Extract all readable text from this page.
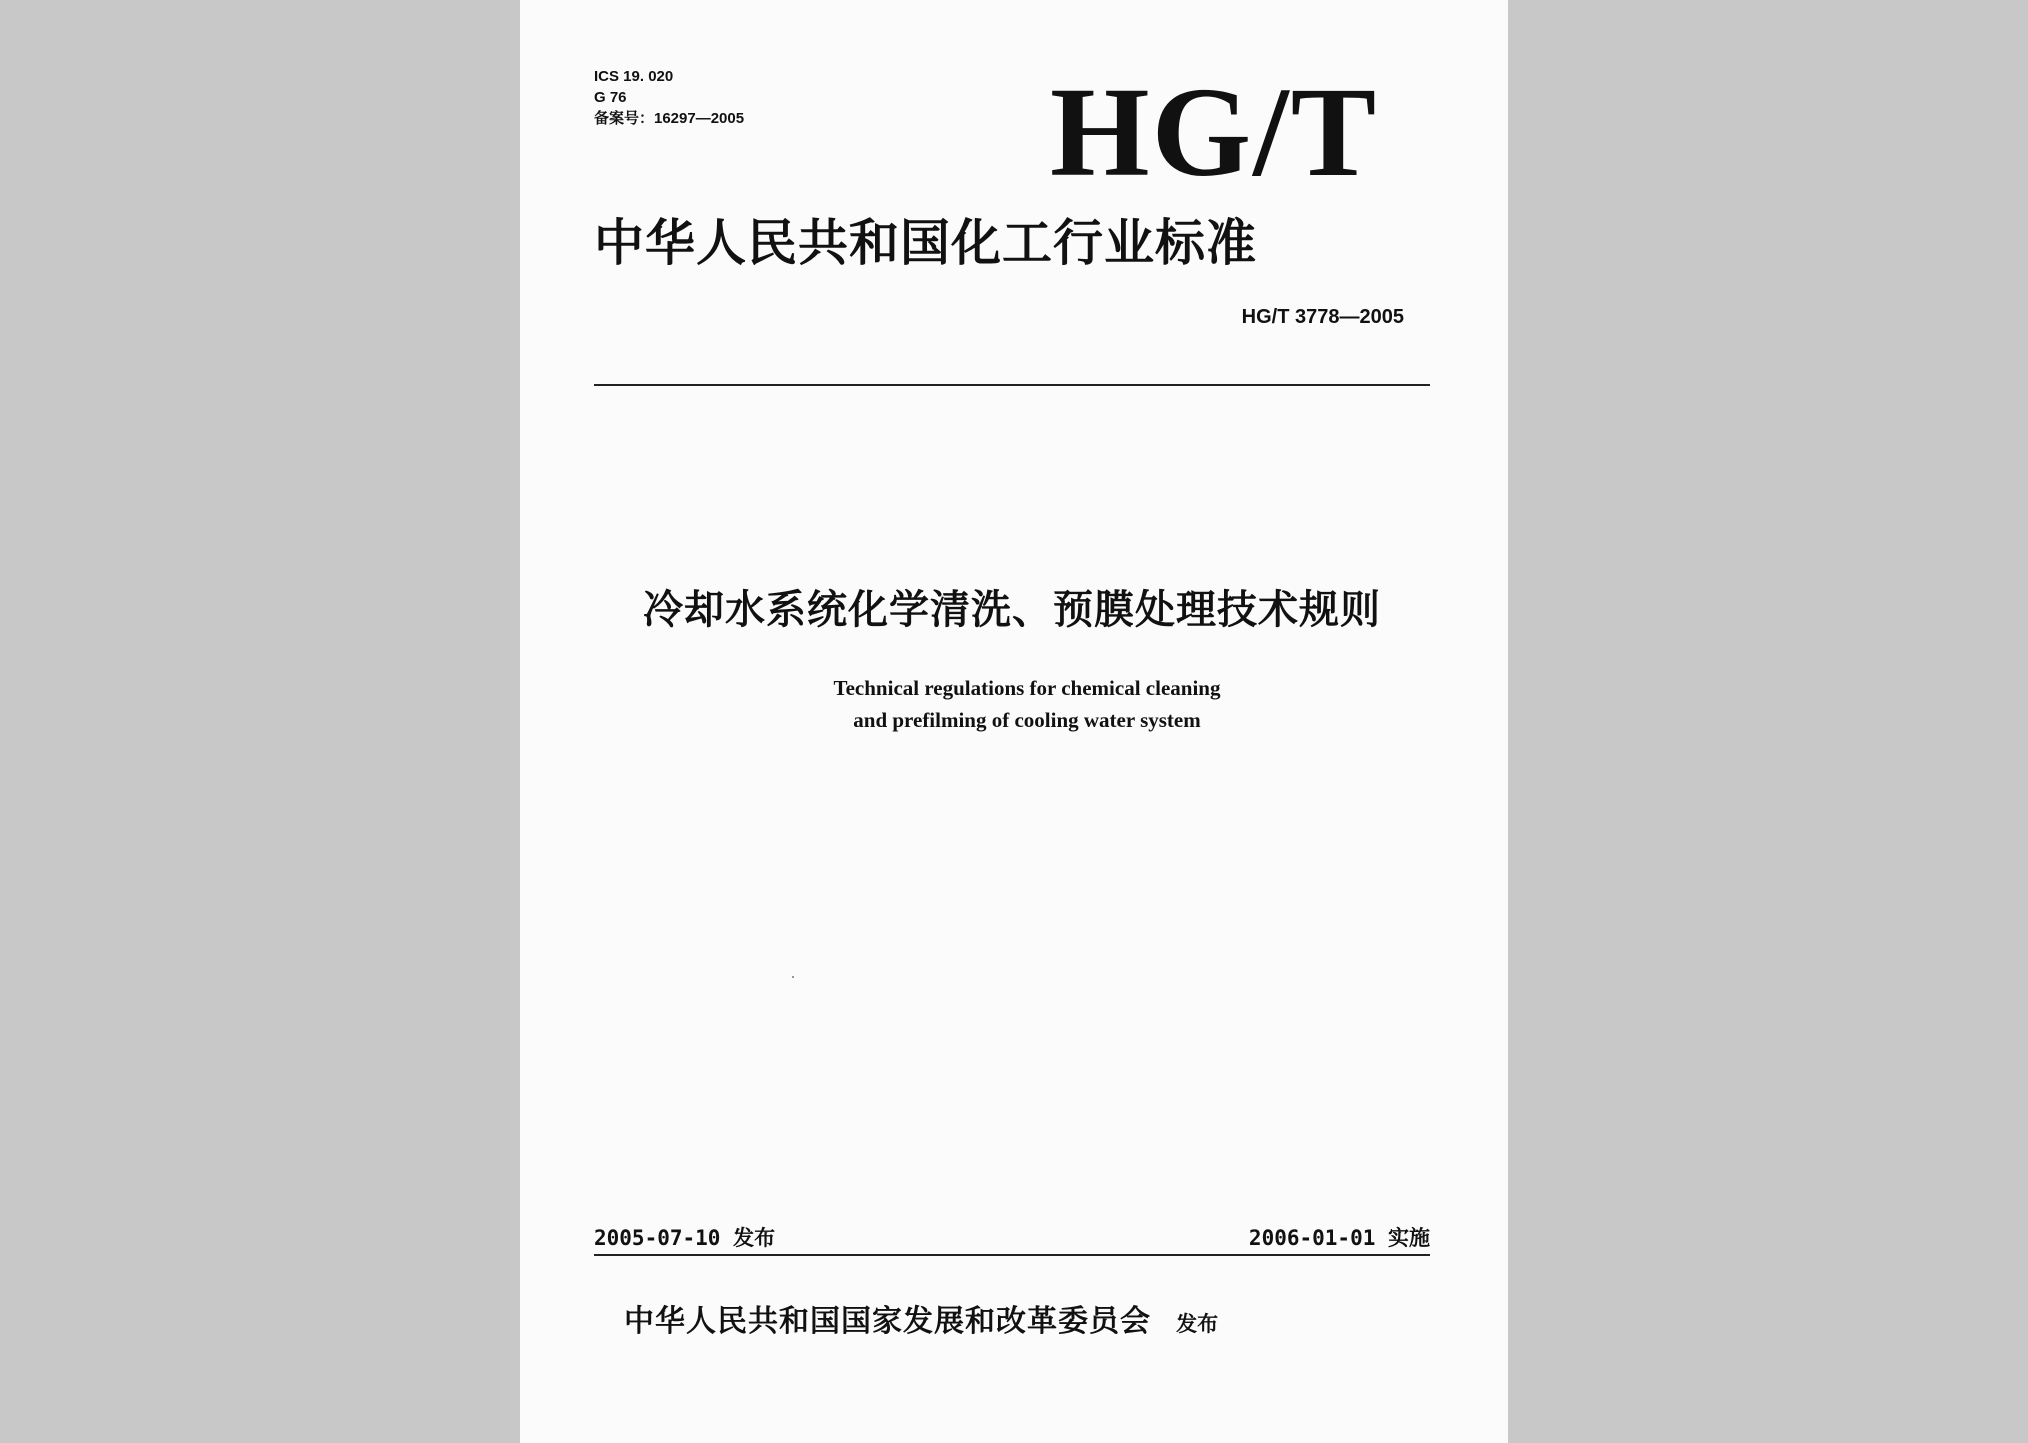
ICS 19. 020
G 76
备案号：16297—2005 HG/T
中华人民共和国化工行业标准
HG/T 3778—2005
冷却水系统化学清洗、预膜处理技术规则
Technical regulations for chemical cleaning
and prefilming of cooling water system
2005-07-10 发布	2006-01-01 实施
中华人民共和国国家发展和改革委员会 发布
